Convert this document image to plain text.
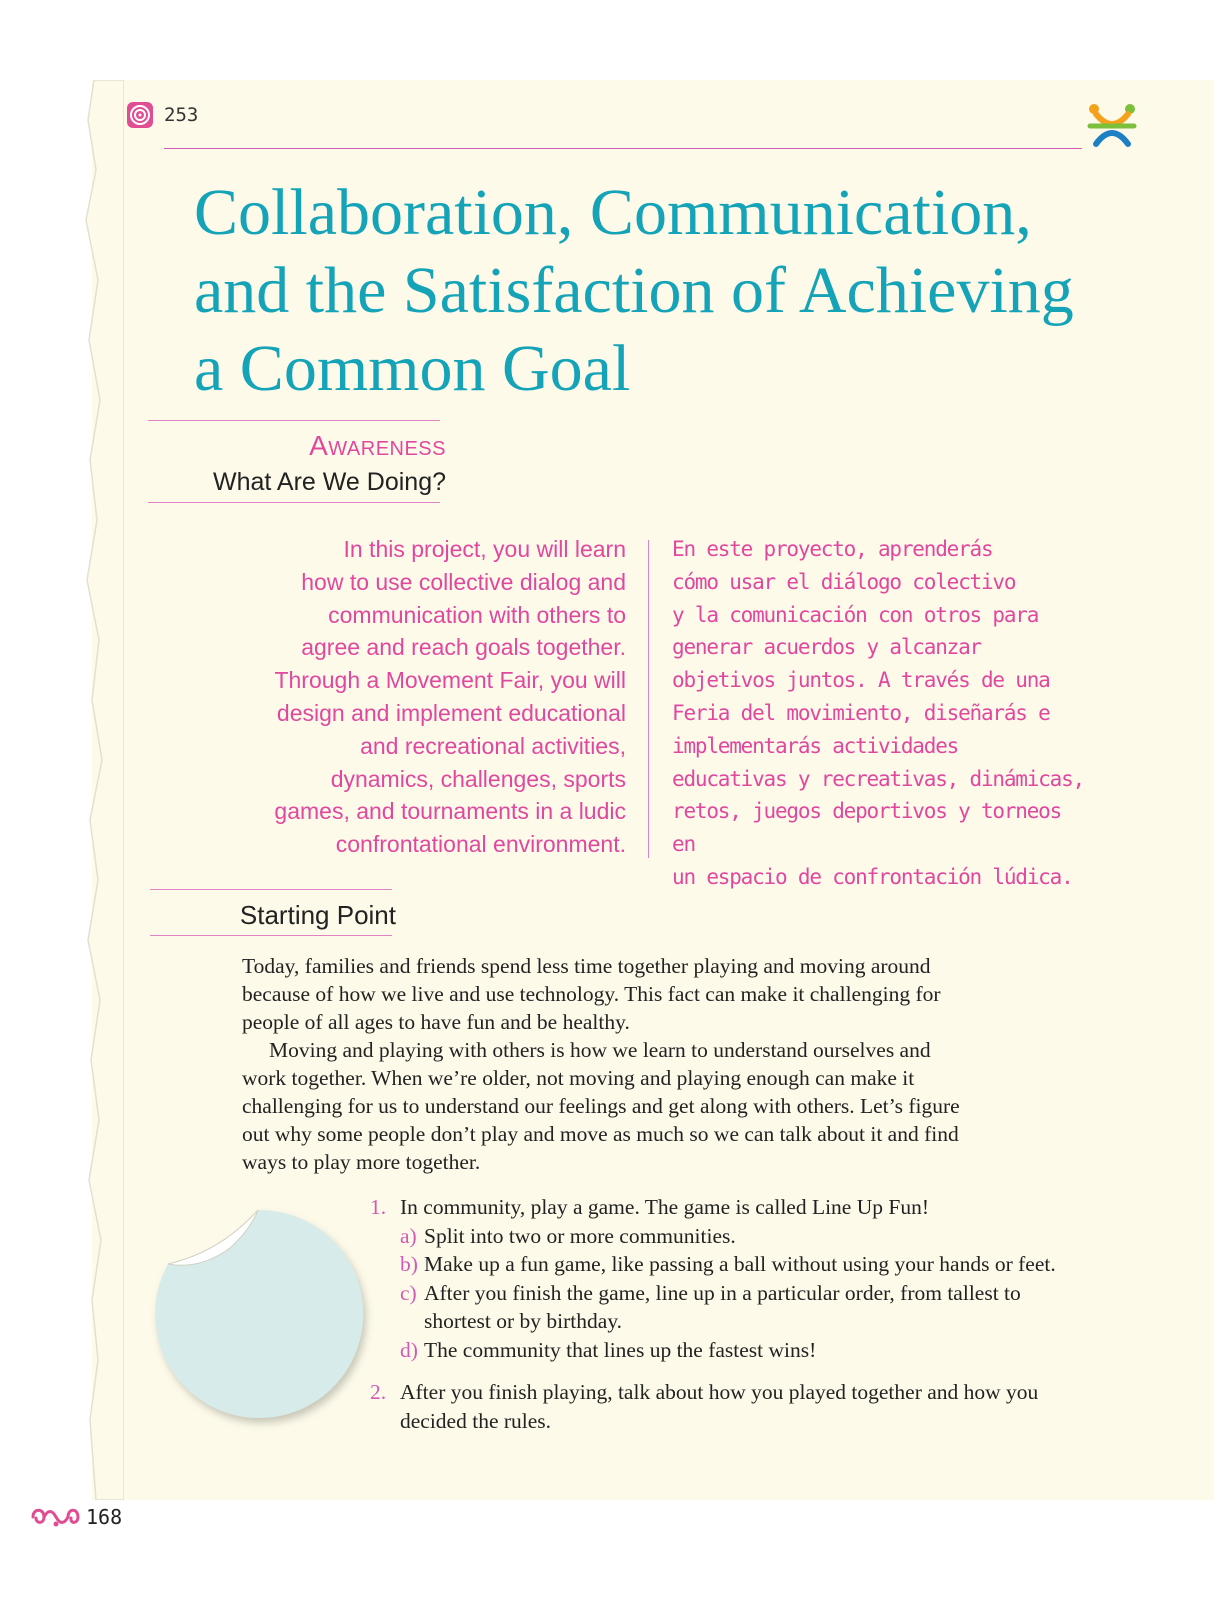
253
Collaboration, Communication, and the Satisfaction of Achieving a Common Goal
Awareness
What Are We Doing?
In this project, you will learn
how to use collective dialog and
communication with others to
agree and reach goals together.
Through a Movement Fair, you will
design and implement educational
and recreational activities,
dynamics, challenges, sports
games, and tournaments in a ludic
confrontational environment.
En este proyecto, aprenderás
cómo usar el diálogo colectivo
y la comunicación con otros para
generar acuerdos y alcanzar
objetivos juntos. A través de una
Feria del movimiento, diseñarás e
implementarás actividades
educativas y recreativas, dinámicas,
retos, juegos deportivos y torneos en
un espacio de confrontación lúdica.
Starting Point

Today, families and friends spend less time together playing and moving around because of how we live and use technology. This fact can make it challenging for people of all ages to have fun and be healthy.

Moving and playing with others is how we learn to understand ourselves and work together. When we’re older, not moving and playing enough can make it challenging for us to understand our feelings and get along with others. Let’s figure out why some people don’t play and move as much so we can talk about it and find ways to play more together.

1. In community, play a game. The game is called Line Up Fun!
a) Split into two or more communities.
b) Make up a fun game, like passing a ball without using your hands or feet.
c) After you finish the game, line up in a particular order, from tallest to shortest or by birthday.
d) The community that lines up the fastest wins!
2. After you finish playing, talk about how you played together and how you decided the rules.
168
